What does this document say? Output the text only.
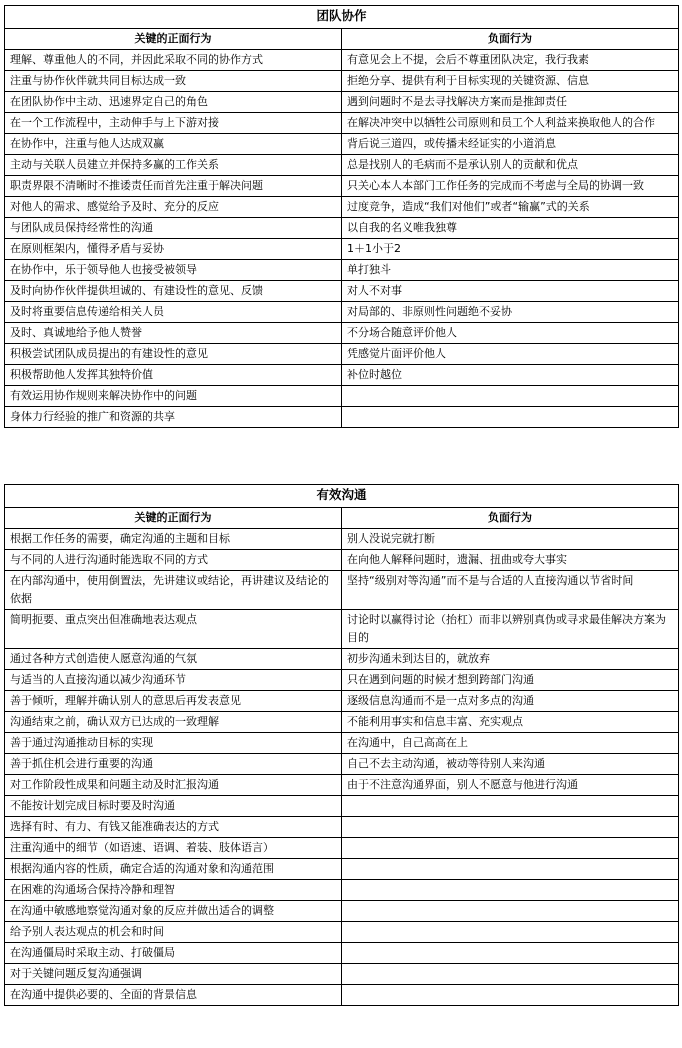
团队协作	
关键的正面行为	负面行为
理解、尊重他人的不同，并因此采取不同的协作方式	有意见会上不提，会后不尊重团队决定，我行我素
注重与协作伙伴就共同目标达成一致	拒绝分享、提供有利于目标实现的关键资源、信息
在团队协作中主动、迅速界定自己的角色	遇到问题时不是去寻找解决方案而是推卸责任
在一个工作流程中，主动伸手与上下游对接	在解决冲突中以牺牲公司原则和员工个人利益来换取他人的合作
在协作中，注重与他人达成双赢	背后说三道四，或传播未经证实的小道消息
主动与关联人员建立并保持多赢的工作关系	总是找别人的毛病而不是承认别人的贡献和优点
职责界限不清晰时不推诿责任而首先注重于解决问题	只关心本人本部门工作任务的完成而不考虑与全局的协调一致
对他人的需求、感觉给予及时、充分的反应	过度竞争，造成“我们对他们”或者“输赢”式的关系
与团队成员保持经常性的沟通	以自我的名义唯我独尊
在原则框架内，懂得矛盾与妥协	1＋1小于2
在协作中，乐于领导他人也接受被领导	单打独斗
及时向协作伙伴提供坦诚的、有建设性的意见、反馈	对人不对事
及时将重要信息传递给相关人员	对局部的、非原则性问题绝不妥协
及时、真诚地给予他人赞誉	不分场合随意评价他人
积极尝试团队成员提出的有建设性的意见	凭感觉片面评价他人
积极帮助他人发挥其独特价值	补位时越位
有效运用协作规则来解决协作中的问题	
身体力行经验的推广和资源的共享	
有效沟通	
关键的正面行为	负面行为
根据工作任务的需要，确定沟通的主题和目标	别人没说完就打断
与不同的人进行沟通时能选取不同的方式	在向他人解释问题时，遗漏、扭曲或夸大事实
在内部沟通中，使用倒置法，先讲建议或结论，再讲建议及结论的依据	坚持“级别对等沟通”而不是与合适的人直接沟通以节省时间
简明扼要、重点突出但准确地表达观点	讨论时以赢得讨论（抬杠）而非以辨别真伪或寻求最佳解决方案为目的
通过各种方式创造使人愿意沟通的气氛	初步沟通未到达目的，就放弃
与适当的人直接沟通以减少沟通环节	只在遇到问题的时候才想到跨部门沟通
善于倾听，理解并确认别人的意思后再发表意见	逐级信息沟通而不是一点对多点的沟通
沟通结束之前，确认双方已达成的一致理解	不能利用事实和信息丰富、充实观点
善于通过沟通推动目标的实现	在沟通中，自己高高在上
善于抓住机会进行重要的沟通	自己不去主动沟通，被动等待别人来沟通
对工作阶段性成果和问题主动及时汇报沟通	由于不注意沟通界面，别人不愿意与他进行沟通
不能按计划完成目标时要及时沟通	
选择有时、有力、有钱又能准确表达的方式	
注重沟通中的细节（如语速、语调、着装、肢体语言）	
根据沟通内容的性质，确定合适的沟通对象和沟通范围	
在困难的沟通场合保持冷静和理智	
在沟通中敏感地察觉沟通对象的反应并做出适合的调整	
给予别人表达观点的机会和时间	
在沟通僵局时采取主动、打破僵局	
对于关键问题反复沟通强调	
在沟通中提供必要的、全面的背景信息	
